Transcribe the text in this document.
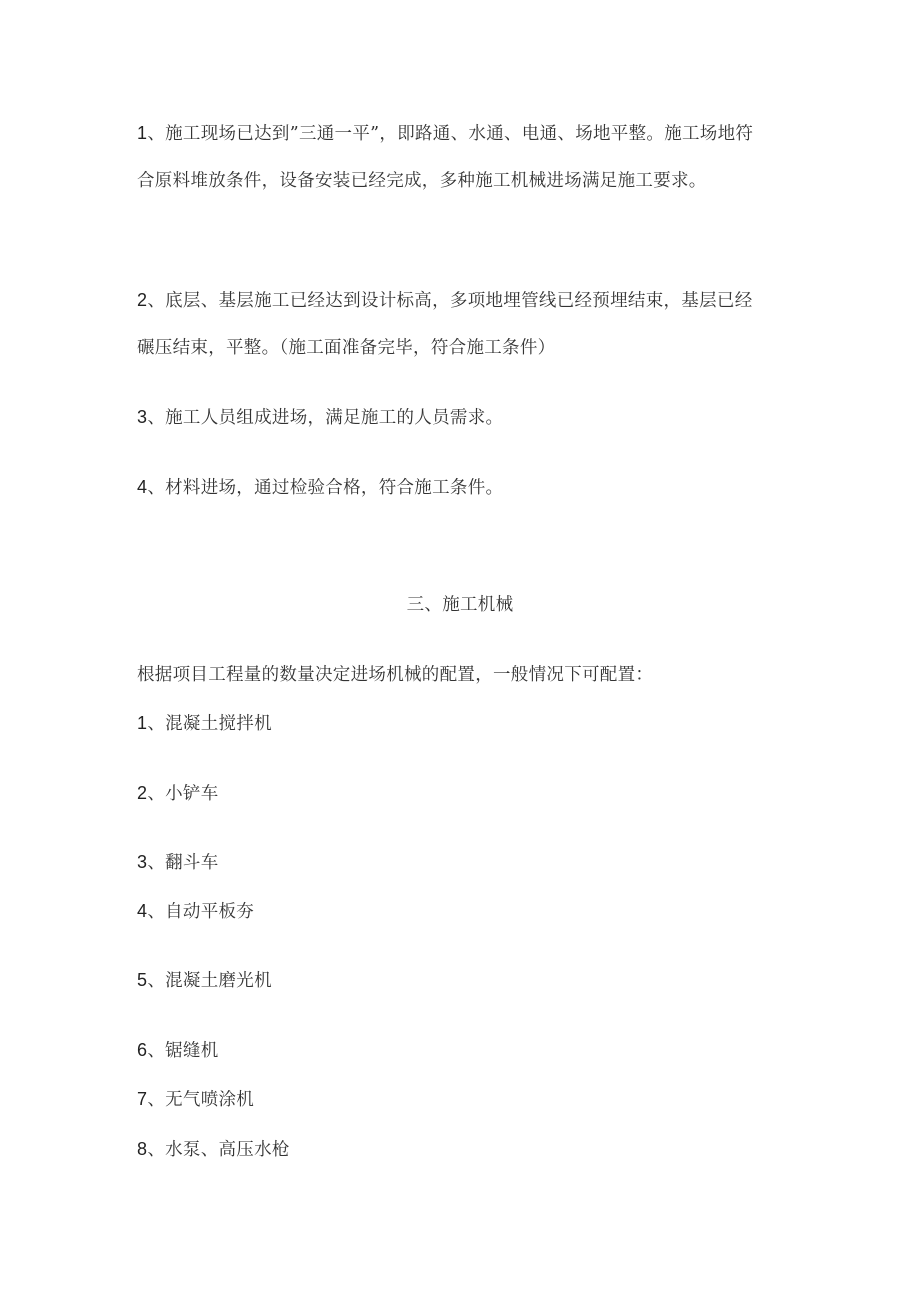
1、施工现场已达到”三通一平”，即路通、水通、电通、场地平整。施工场地符

合原料堆放条件，设备安装已经完成，多种施工机械进场满足施工要求。

2、底层、基层施工已经达到设计标高，多项地埋管线已经预埋结束，基层已经

碾压结束，平整。（施工面准备完毕，符合施工条件）

3、施工人员组成进场，满足施工的人员需求。

4、材料进场，通过检验合格，符合施工条件。

三、施工机械

根据项目工程量的数量决定进场机械的配置，一般情况下可配置：

1、混凝土搅拌机

2、小铲车

3、翻斗车

4、自动平板夯

5、混凝土磨光机

6、锯缝机

7、无气喷涂机

8、水泵、高压水枪
